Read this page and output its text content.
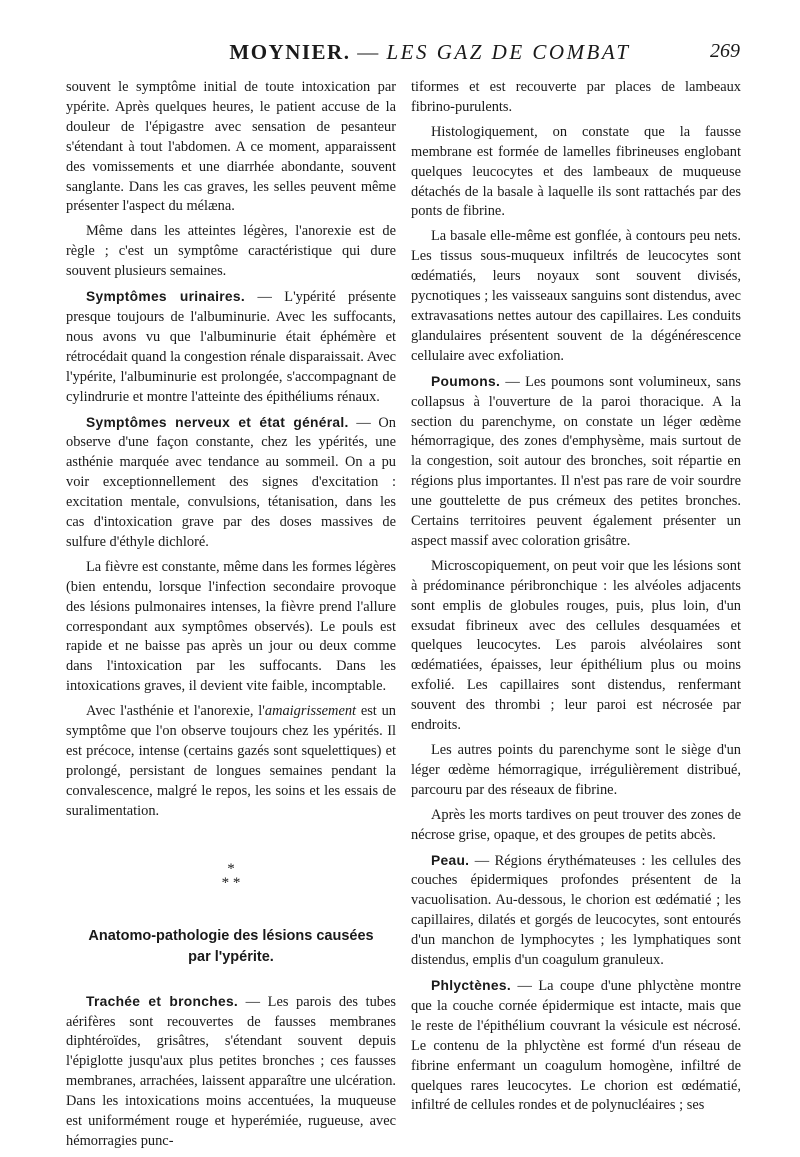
MOYNIER. — LES GAZ DE COMBAT	269

souvent le symptôme initial de toute intoxication par ypérite. Après quelques heures, le patient accuse de la douleur de l'épigastre avec sensation de pesanteur s'étendant à tout l'abdomen. A ce moment, apparaissent des vomissements et une diarrhée abondante, souvent sanglante. Dans les cas graves, les selles peuvent même présenter l'aspect du mélæna.

Même dans les atteintes légères, l'anorexie est de règle ; c'est un symptôme caractéristique qui dure souvent plusieurs semaines.

Symptômes urinaires. — L'ypérité présente presque toujours de l'albuminurie. Avec les suffocants, nous avons vu que l'albuminurie était éphémère et rétrocédait quand la congestion rénale disparaissait. Avec l'ypérite, l'albuminurie est prolongée, s'accompagnant de cylindrurie et montre l'atteinte des épithéliums rénaux.

Symptômes nerveux et état général. — On observe d'une façon constante, chez les ypérités, une asthénie marquée avec tendance au sommeil. On a pu voir exceptionnellement des signes d'excitation : excitation mentale, convulsions, tétanisation, dans les cas d'intoxication grave par des doses massives de sulfure d'éthyle dichloré.

La fièvre est constante, même dans les formes légères (bien entendu, lorsque l'infection secondaire provoque des lésions pulmonaires intenses, la fièvre prend l'allure correspondant aux symptômes observés). Le pouls est rapide et ne baisse pas après un jour ou deux comme dans l'intoxication par les suffocants. Dans les intoxications graves, il devient vite faible, incomptable.

Avec l'asthénie et l'anorexie, l'amaigrissement est un symptôme que l'on observe toujours chez les ypérités. Il est précoce, intense (certains gazés sont squelettiques) et prolongé, persistant de longues semaines pendant la convalescence, malgré le repos, les soins et les essais de suralimentation.

*
* *
Anatomo-pathologie des lésions causées
par l'ypérite.

Trachée et bronches. — Les parois des tubes aérifères sont recouvertes de fausses membranes diphtéroïdes, grisâtres, s'étendant souvent depuis l'épiglotte jusqu'aux plus petites bronches ; ces fausses membranes, arrachées, laissent apparaître une ulcération. Dans les intoxications moins accentuées, la muqueuse est uniformément rouge et hyperémiée, rugueuse, avec hémorragies punc-

tiformes et est recouverte par places de lambeaux fibrino-purulents.

Histologiquement, on constate que la fausse membrane est formée de lamelles fibrineuses englobant quelques leucocytes et des lambeaux de muqueuse détachés de la basale à laquelle ils sont rattachés par des ponts de fibrine.

La basale elle-même est gonflée, à contours peu nets. Les tissus sous-muqueux infiltrés de leucocytes sont œdématiés, leurs noyaux sont souvent divisés, pycnotiques ; les vaisseaux sanguins sont distendus, avec extravasations nettes autour des capillaires. Les conduits glandulaires présentent souvent de la dégénérescence cellulaire avec exfoliation.

Poumons. — Les poumons sont volumineux, sans collapsus à l'ouverture de la paroi thoracique. A la section du parenchyme, on constate un léger œdème hémorragique, des zones d'emphysème, mais surtout de la congestion, soit autour des bronches, soit répartie en régions plus importantes. Il n'est pas rare de voir sourdre une gouttelette de pus crémeux des petites bronches. Certains territoires peuvent également présenter un aspect massif avec coloration grisâtre.

Microscopiquement, on peut voir que les lésions sont à prédominance péribronchique : les alvéoles adjacents sont emplis de globules rouges, puis, plus loin, d'un exsudat fibrineux avec des cellules desquamées et quelques leucocytes. Les parois alvéolaires sont œdématiées, épaisses, leur épithélium plus ou moins exfolié. Les capillaires sont distendus, renfermant souvent des thrombi ; leur paroi est nécrosée par endroits.

Les autres points du parenchyme sont le siège d'un léger œdème hémorragique, irrégulièrement distribué, parcouru par des réseaux de fibrine.

Après les morts tardives on peut trouver des zones de nécrose grise, opaque, et des groupes de petits abcès.

Peau. — Régions érythémateuses : les cellules des couches épidermiques profondes présentent de la vacuolisation. Au-dessous, le chorion est œdématié ; les capillaires, dilatés et gorgés de leucocytes, sont entourés d'un manchon de lymphocytes ; les lymphatiques sont distendus, emplis d'un coagulum granuleux.

Phlyctènes. — La coupe d'une phlyctène montre que la couche cornée épidermique est intacte, mais que le reste de l'épithélium couvrant la vésicule est nécrosé. Le contenu de la phlyctène est formé d'un réseau de fibrine enfermant un coagulum homogène, infiltré de quelques rares leucocytes. Le chorion est œdématié, infiltré de cellules rondes et de polynucléaires ; ses
